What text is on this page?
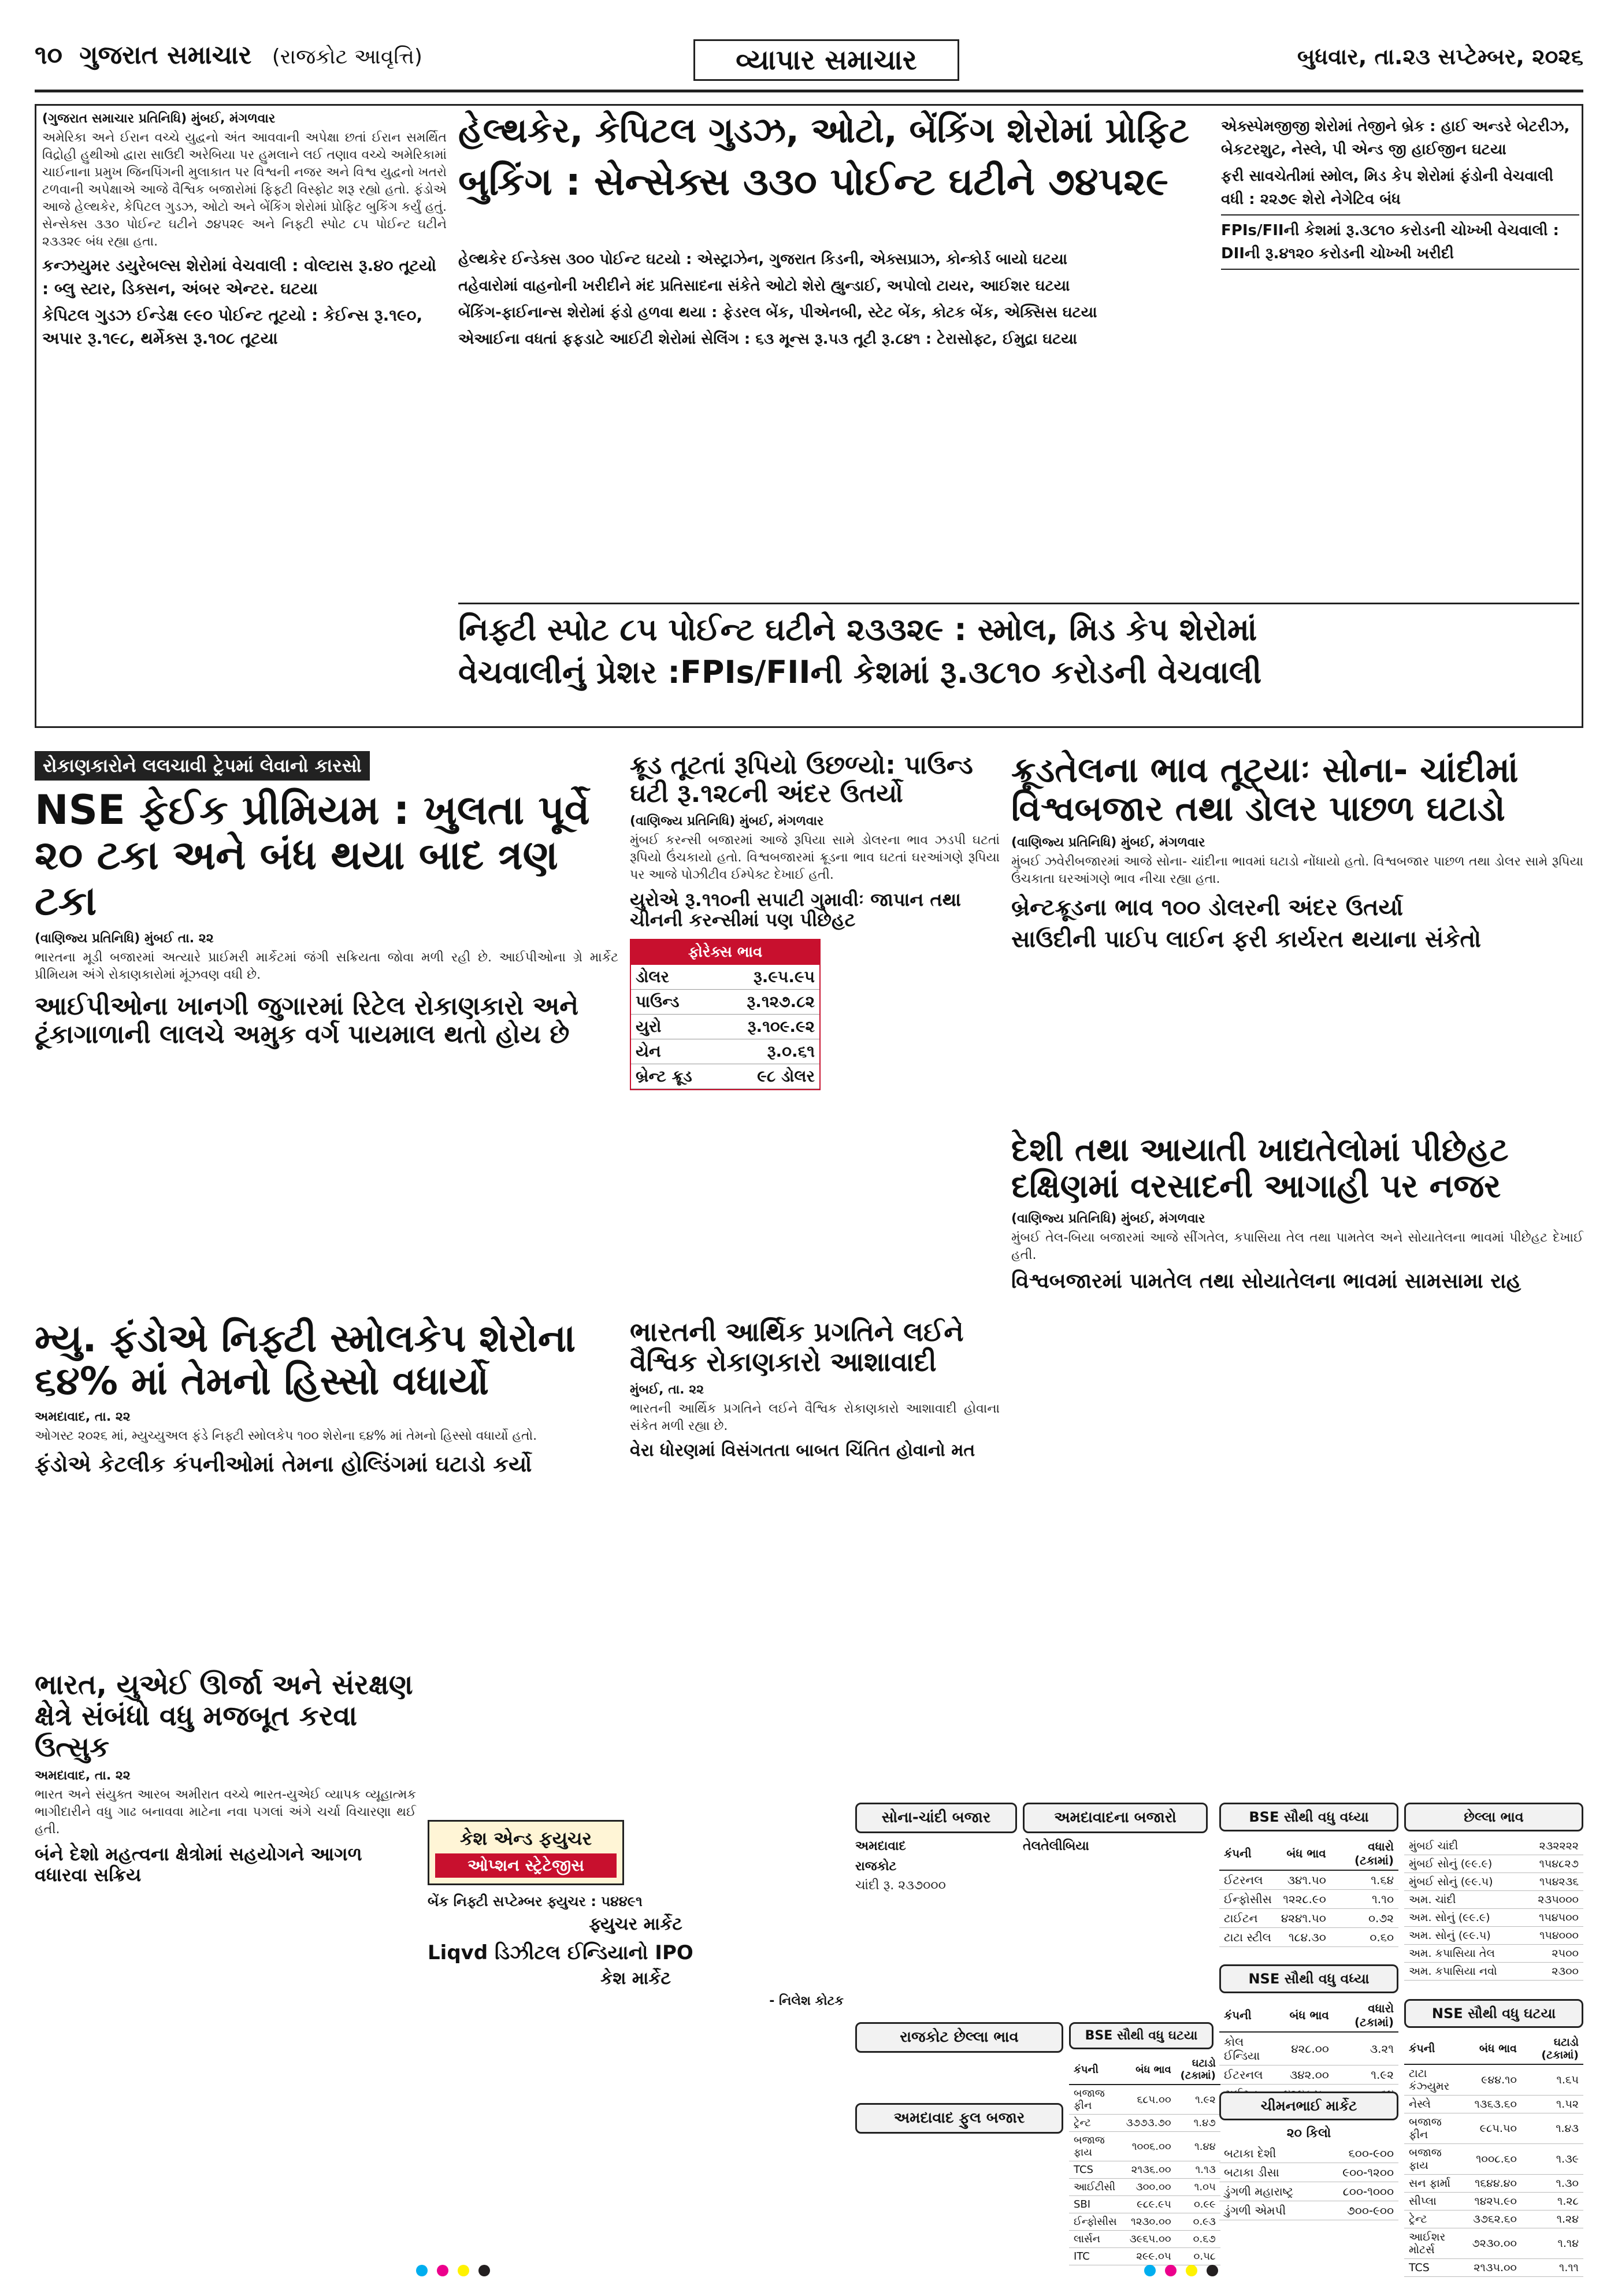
૧૦ ગુજરાત સમાચાર (રાજકોટ આવૃત્તિ)	વ્યાપાર સમાચાર	બુધવાર, તા.૨૩ સપ્ટેમ્બર, ૨૦૨૬
(ગુજરાત સમાચાર પ્રતિનિધિ) મુંબઈ, મંગળવાર
અમેરિકા અને ઈરાન વચ્ચે યુદ્વનો અંત આવવાની અપેક્ષા છતાં ઈરાન સમર્થિત વિદ્રોહી હુથીઓ દ્વારા સાઉદી અરેબિયા પર હુમલાને લઈ તણાવ વચ્ચે અમેરિકામાં ચાઈનાના પ્રમુખ જિનપિંગની મુલાકાત પર વિશ્વની નજર અને વિશ્વ યુદ્વનો ખતરો ટળવાની અપેક્ષાએ આજે વૈશ્વિક બજારોમાં ફિફ્ટી વિસ્ફોટ શરૂ રહ્યો હતો. ફંડોએ આજે હેલ્થકેર, કેપિટલ ગુડઝ, ઓટો અને બેંકિંગ શેરોમાં પ્રોફિટ બુકિંગ કર્યું હતું. સેન્સેક્સ ૩૩૦ પોઈન્ટ ઘટીને ૭૪૫૨૯ અને નિફ્ટી સ્પોટ ૮૫ પોઈન્ટ ઘટીને ૨૩૩૨૯ બંધ રહ્યા હતા.
કન્ઝયુમર ડયુરેબલ્સ શેરોમાં વેચવાલી : વોલ્ટાસ રૂ.૪૦ તૂટયો : બ્લુ સ્ટાર, ડિક્સન, અંબર એન્ટર. ઘટયા
કેપિટલ ગુડઝ ઈન્ડેક્ષ ૯૯૦ પોઈન્ટ તૂટયો : કેઈન્સ રૂ.૧૯૦, અપાર રૂ.૧૯૮, થર્મેક્સ રૂ.૧૦૮ તૂટયા
હેલ્થકેર, કેપિટલ ગુડઝ, ઓટો, બેંકિંગ શેરોમાં પ્રોફિટ
બુકિંગ : સેન્સેક્સ ૩૩૦ પોઈન્ટ ઘટીને ૭૪૫૨૯
હેલ્થકેર ઈન્ડેક્સ ૩૦૦ પોઈન્ટ ઘટયો : એસ્ટ્રાઝેન, ગુજરાત કિડની, એક્સપ્રાઝ, કોન્કોર્ડ બાયો ઘટયા
તહેવારોમાં વાહનોની ખરીદીને મંદ પ્રતિસાદના સંકેતે ઓટો શેરો હ્યુન્ડાઈ, અપોલો ટાયર, આઈશર ઘટયા
બેંકિંગ-ફાઈનાન્સ શેરોમાં ફંડો હળવા થયા : ફેડરલ બેંક, પીએનબી, સ્ટેટ બેંક, કોટક બેંક, એક્સિસ ઘટયા
એઆઈના વધતાં ફફડાટે આઈટી શેરોમાં સેલિંગ : ૬૩ મૂન્સ રૂ.૫૩ તૂટી રૂ.૮૪૧ : ટેરાસોફ્ટ, ઈમુદ્રા ઘટયા
એક્સ્પેમજીજી શેરોમાં તેજીને બ્રેક : હાઈ અન્ડરે બેટરીઝ, બેકટરશુટ, નેસ્લે, પી એન્ડ જી હાઈજીન ઘટયા
ફરી સાવચેતીમાં સ્મોલ, મિડ કેપ શેરોમાં ફંડોની વેચવાલી વધી : ૨૨૭૯ શેરો નેગેટિવ બંધ
FPIs/FIIની કેશમાં રૂ.૩૮૧૦ કરોડની ચોખ્ખી વેચવાલી : DIIની રૂ.૪૧૨૦ કરોડની ચોખ્ખી ખરીદી
નિફ્ટી સ્પોટ ૮૫ પોઈન્ટ ઘટીને ૨૩૩૨૯ : સ્મોલ, મિડ કેપ શેરોમાં
વેચવાલીનું પ્રેશર :FPIs/FIIની કેશમાં રૂ.૩૮૧૦ કરોડની વેચવાલી
રોકાણકારોને લલચાવી ટ્રેપમાં લેવાનો કારસો
NSE ફેઈક પ્રીમિયમ : ખુલતા પૂર્વે ૨૦ ટકા અને બંધ થયા બાદ ત્રણ ટકા
(વાણિજ્ય પ્રતિનિધિ) મુંબઈ તા. ૨૨
ભારતના મૂડી બજારમાં અત્યારે પ્રાઈમરી માર્કેટમાં જંગી સક્રિયતા જોવા મળી રહી છે. આઈપીઓના ગ્રે માર્કેટ પ્રીમિયમ અંગે રોકાણકારોમાં મૂંઝવણ વધી છે.
આઈપીઓના ખાનગી જુગારમાં રિટેલ રોકાણકારો અને ટૂંકાગાળાની લાલચે અમુક વર્ગ પાયમાલ થતો હોય છે
ક્રૂડ તૂટતાં રૂપિયો ઉછળ્યો: પાઉન્ડ ઘટી રૂ.૧૨૮ની અંદર ઉતર્યો
(વાણિજ્ય પ્રતિનિધિ) મુંબઈ, મંગળવાર
મુંબઈ કરન્સી બજારમાં આજે રૂપિયા સામે ડોલરના ભાવ ઝડપી ઘટતાં રૂપિયો ઉંચકાયો હતો. વિશ્વબજારમાં ક્રૂડના ભાવ ઘટતાં ઘરઆંગણે રૂપિયા પર આજે પોઝીટીવ ઈમ્પેક્ટ દેખાઈ હતી.
યુરોએ રૂ.૧૧૦ની સપાટી ગુમાવીઃ જાપાન તથા ચીનની કરન્સીમાં પણ પીછેહટ
ફોરેક્સ ભાવ
ડોલર	રૂ.૯૫.૯૫
પાઉન્ડ	રૂ.૧૨૭.૮૨
યુરો	રૂ.૧૦૯.૯૨
યેન	રૂ.૦.૬૧
બ્રેન્ટ ક્રૂડ	૯૮ ડોલર
ક્રૂડતેલના ભાવ તૂટ્યાઃ સોના- ચાંદીમાં વિશ્વબજાર તથા ડોલર પાછળ ઘટાડો
(વાણિજ્ય પ્રતિનિધિ) મુંબઈ, મંગળવાર
મુંબઈ ઝવેરીબજારમાં આજે સોના- ચાંદીના ભાવમાં ઘટાડો નોંધાયો હતો. વિશ્વબજાર પાછળ તથા ડોલર સામે રૂપિયા ઉંચકાતા ઘરઆંગણે ભાવ નીચા રહ્યા હતા.
બ્રેન્ટક્રૂડના ભાવ ૧૦૦ ડોલરની અંદર ઉતર્યા
સાઉદીની પાઈપ લાઈન ફરી કાર્યરત થયાના સંકેતો
દેશી તથા આયાતી ખાદ્યતેલોમાં પીછેહટ દક્ષિણમાં વરસાદની આગાહી પર નજર
(વાણિજ્ય પ્રતિનિધિ) મુંબઈ, મંગળવાર
મુંબઈ તેલ-બિયા બજારમાં આજે સીંગતેલ, કપાસિયા તેલ તથા પામતેલ અને સોયાતેલના ભાવમાં પીછેહટ દેખાઈ હતી.
વિશ્વબજારમાં પામતેલ તથા સોયાતેલના ભાવમાં સામસામા રાહ
મ્યુ. ફંડોએ નિફ્ટી સ્મોલકેપ શેરોના ૬૪% માં તેમનો હિસ્સો વધાર્યો
અમદાવાદ, તા. ૨૨
ઓગસ્ટ ૨૦૨૬ માં, મ્યુચ્યુઅલ ફંડે નિફ્ટી સ્મોલકેપ ૧૦૦ શેરોના ૬૪% માં તેમનો હિસ્સો વધાર્યો હતો.
ફંડોએ કેટલીક કંપનીઓમાં તેમના હોલ્ડિંગમાં ઘટાડો કર્યો
ભારતની આર્થિક પ્રગતિને લઈને વૈશ્વિક રોકાણકારો આશાવાદી
મુંબઈ, તા. ૨૨
ભારતની આર્થિક પ્રગતિને લઈને વૈશ્વિક રોકાણકારો આશાવાદી હોવાના સંકેત મળી રહ્યા છે.
વેરા ધોરણમાં વિસંગતતા બાબત ચિંતિત હોવાનો મત
ભારત, યુએઈ ઊર્જા અને સંરક્ષણ ક્ષેત્રે સંબંધો વધુ મજબૂત કરવા ઉત્સુક
અમદાવાદ, તા. ૨૨
ભારત અને સંયુક્ત આરબ અમીરાત વચ્ચે ભારત-યુએઈ વ્યાપક વ્યૂહાત્મક ભાગીદારીને વધુ ગાઢ બનાવવા માટેના નવા પગલાં અંગે ચર્ચા વિચારણા થઈ હતી.
બંને દેશો મહત્વના ક્ષેત્રોમાં સહયોગને આગળ વધારવા સક્રિય
કેશ એન્ડ ફયુચર
ઓપ્શન સ્ટ્રેટેજીસ
બેંક નિફ્ટી સપ્ટેમ્બર ફ્યુચર : ૫૪૪૯૧
ફ્યુચર માર્કેટ
Liqvd ડિઝીટલ ઈન્ડિયાનો IPO
કેશ માર્કેટ
- નિલેશ કોટક
સોના-ચાંદી બજાર
અમદાવાદ
રાજકોટ
ચાંદી રૂ. ૨૩૭૦૦૦
અમદાવાદના બજારો
તેલતેલીબિયા
રાજકોટ છેલ્લા ભાવ
અમદાવાદ ફુલ બજાર
BSE સૌથી વધુ વધ્યા
કંપની	બંધ ભાવ	વધારો (ટકામાં)
ઈટરનલ	૩૪૧.૫૦	૧.૬૪
ઈન્ફોસીસ	૧૨૨૮.૯૦	૧.૧૦
ટાઈટન	૪૨૪૧.૫૦	૦.૭૨
ટાટા સ્ટીલ	૧૮૪.૩૦	૦.૬૦
NSE સૌથી વધુ વધ્યા
કંપની	બંધ ભાવ	વધારો (ટકામાં)
કોલ ઈન્ડિયા	૪૨૮.૦૦	૩.૨૧
ઈટરનલ	૩૪૨.૦૦	૧.૯૨

BSE સૌથી વધુ ઘટયા
કંપની	બંધ ભાવ	ઘટાડો (ટકામાં)
બજાજ ફીન	૬૮૫.૦૦	૧.૯૨
ટ્રેન્ટ	૩૭૭૩.૭૦	૧.૪૭
બજાજ ફાય	૧૦૦૬.૦૦	૧.૪૪
TCS	૨૧૩૬.૦૦	૧.૧૩
આઈટીસી	૩૦૦.૦૦	૧.૦૫
SBI	૯૮૯.૯૫	૦.૯૯
ઈન્ફોસીસ	૧૨૩૦.૦૦	૦.૯૩
લાર્સન	૩૯૬૫.૦૦	૦.૬૭
ITC	૨૯૯.૦૫	૦.૫૮
ચીમનભાઈ માર્કેટ
૨૦ કિલો
બટાકા દેશી	૬૦૦-૯૦૦
બટાકા ડીસા	૯૦૦-૧૨૦૦
ડુંગળી મહારાષ્ટ્ર	૮૦૦-૧૦૦૦
ડુંગળી એમપી	૭૦૦-૯૦૦
છેલ્લા ભાવ
મુંબઈ ચાંદી	૨૩૨૨૨૨
મુંબઈ સોનું (૯૯.૯)	૧૫૪૮૨૭
મુંબઈ સોનું (૯૯.૫)	૧૫૪૨૩૬
અમ. ચાંદી	૨૩૫૦૦૦
અમ. સોનું (૯૯.૯)	૧૫૪૫૦૦
અમ. સોનું (૯૯.૫)	૧૫૪૦૦૦
અમ. કપાસિયા તેલ	૨૫૦૦
અમ. કપાસિયા નવો	૨૩૦૦
NSE સૌથી વધુ ઘટયા
કંપની	બંધ ભાવ	ઘટાડો (ટકામાં)
ટાટા કંઝ્યુમર	૯૪૪.૧૦	૧.૬૫
નેસ્લે	૧૩૬૩.૬૦	૧.૫૨
બજાજ ફીન	૯૮૫.૫૦	૧.૪૩
બજાજ ફાય	૧૦૦૮.૬૦	૧.૩૯
સન ફાર્મા	૧૬૪૪.૪૦	૧.૩૦
સીપ્લા	૧૪૨૫.૯૦	૧.૨૮
ટ્રેન્ટ	૩૭૬૨.૬૦	૧.૨૪
આઈશર મોટર્સ	૭૨૩૦.૦૦	૧.૧૪
TCS	૨૧૩૫.૦૦	૧.૧૧
